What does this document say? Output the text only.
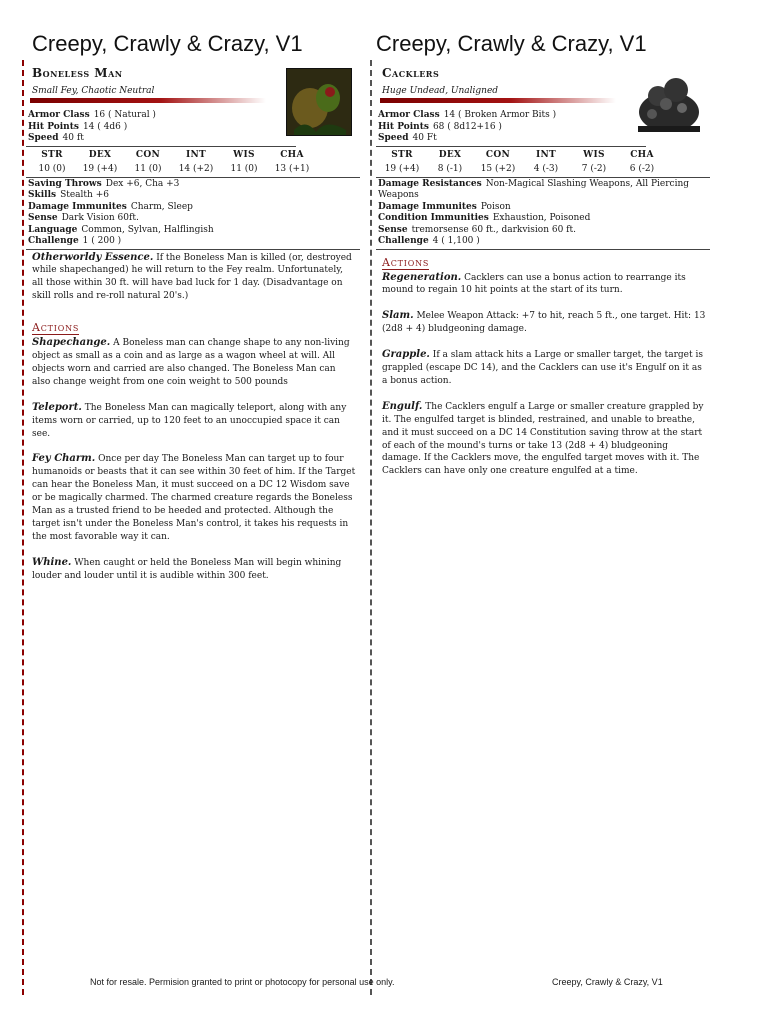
Creepy, Crawly & Crazy, V1	Creepy, Crawly & Crazy, V1
Boneless Man
Small Fey, Chaotic Neutral
Armor Class 16 ( Natural )
Hit Points 14 ( 4d6 )
Speed 40 ft
STR	DEX	CON	INT	WIS	CHA
10 (0)	19 (+4)	11 (0)	14 (+2)	11 (0)	13 (+1)
Saving Throws Dex +6, Cha +3
Skills Stealth +6
Damage Immunites Charm, Sleep
Sense Dark Vision 60ft.
Language Common, Sylvan, Halflingish
Challenge 1 ( 200 )

Otherworldy Essence. If the Boneless Man is killed (or, destroyed while shapechanged) he will return to the Fey realm. Unfortunately, all those within 30 ft. will have bad luck for 1 day. (Disadvantage on skill rolls and re-roll natural 20's.)

Actions

Shapechange. A Boneless man can change shape to any non-living object as small as a coin and as large as a wagon wheel at will. All objects worn and carried are also changed. The Boneless Man can also change weight from one coin weight to 500 pounds

Teleport. The Boneless Man can magically teleport, along with any items worn or carried, up to 120 feet to an unoccupied space it can see.

Fey Charm. Once per day The Boneless Man can target up to four humanoids or beasts that it can see within 30 feet of him. If the Target can hear the Boneless Man, it must succeed on a DC 12 Wisdom save or be magically charmed. The charmed creature regards the Boneless Man as a trusted friend to be heeded and protected. Although the target isn't under the Boneless Man's control, it takes his requests in the most favorable way it can.

Whine. When caught or held the Boneless Man will begin whining louder and louder until it is audible within 300 feet.

Cacklers
Huge Undead, Unaligned
Armor Class 14 ( Broken Armor Bits )
Hit Points 68 ( 8d12+16 )
Speed 40 Ft
STR	DEX	CON	INT	WIS	CHA
19 (+4)	8 (-1)	15 (+2)	4 (-3)	7 (-2)	6 (-2)
Damage Resistances Non-Magical Slashing Weapons, All Piercing Weapons
Damage Immunites Poison
Condition Immunities Exhaustion, Poisoned
Sense tremorsense 60 ft., darkvision 60 ft.
Challenge 4 ( 1,100 )
Actions

Regeneration. Cacklers can use a bonus action to rearrange its mound to regain 10 hit points at the start of its turn.

Slam. Melee Weapon Attack: +7 to hit, reach 5 ft., one target. Hit: 13 (2d8 + 4) bludgeoning damage.

Grapple. If a slam attack hits a Large or smaller target, the target is grappled (escape DC 14), and the Cacklers can use it's Engulf on it as a bonus action.

Engulf. The Cacklers engulf a Large or smaller creature grappled by it. The engulfed target is blinded, restrained, and unable to breathe, and it must succeed on a DC 14 Constitution saving throw at the start of each of the mound's turns or take 13 (2d8 + 4) bludgeoning damage. If the Cacklers move, the engulfed target moves with it. The Cacklers can have only one creature engulfed at a time.

Not for resale. Permision granted to print or photocopy for personal use only.	Creepy, Crawly & Crazy, V1
